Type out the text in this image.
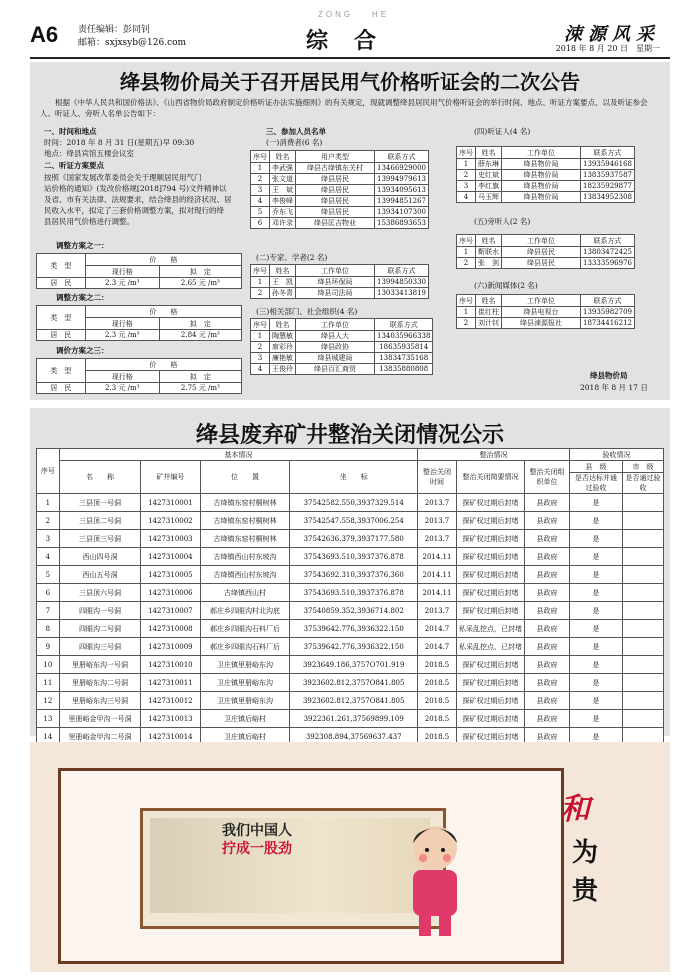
A6 责任编辑：彭同钊
邮箱：sxjxsyb@126.com
ZONG HE
综合	涑源风采
2018 年 8 月 20 日　星期一
绛县物价局关于召开居民用气价格听证会的二次公告
根据《中华人民共和国价格法》、《山西省物价局政府制定价格听证办法实施细则》的有关规定，现就调整绛县居民用气价格听证会的举行时间、地点、听证方案要点、以及听证参会人、听证人、旁听人名单公告如下：
一、时间和地点
时间：2018 年 8 月 31 日(星期五)早 09:30
地点：绛县宾馆五楼会议室
二、听证方案要点
按照《国家发展改革委员会关于理顺居民用气门
站价格的通知》(发改价格规[2018]794 号)文件精神以
及省、市有关法律、法规要求，结合绛县的经济状况、居
民收入水平，拟定了三套价格调整方案，拟对现行的绛
县居民用气价格进行调整。
调整方案之一：
类　型	价　　格	
	现行格	拟　定
居　民	2.3 元 /m³	2.65 元 /m³
调整方案之二：
类　型	价　　格	
	现行格	拟　定
居　民	2.3 元 /m³	2.84 元 /m³
调价方案之三：
类　型	价　　格	
	现行格	拟　定
居　民	2.3 元 /m³	2.75 元 /m³
三、参加人员名单
(一)消费者(6 名)
序号	姓名	用户类型	联系方式
1	李武强	绛县古绛镇东关村	13466929000
2	张文道	绛县居民	13994979613
3	王　斌	绛县居民	13934095613
4	李俊峰	绛县居民	13994851267
5	乔东飞	绛县居民	13934107300
6	邓许录	绛县匡吉物业	15386893653
(二)专家、学者(2 名)
序号	姓名	工作单位	联系方式
1	王　凯	绛县环保局	13994850330
2	孙冬青	绛县司法局	13033413819
(三)相关部门、社会组织(4 名)
序号	姓名	工作单位	联系方式
1	陶慧敏	绛县人大	134035966338
2	席彩玲	绛县政协	18635935814
3	廉艳敏	绛县城建局	13834735168
4	王俊玲	绛县百汇商贸	13835880808
(四)听证人(4 名)
序号	姓名	工作单位	联系方式
1	薛东琳	绛县物价局	13935946168
2	史红斌	绛县物价局	13835937587
3	李红旗	绛县物价局	18235929877
4	马玉辉	绛县物价局	13834952308
(五)旁听人(2 名)
序号	姓名	工作单位	联系方式
1	靳联水	绛县居民	13803472425
2	张　剑	绛县居民	13333596976
(六)新闻媒体(2 名)
序号	姓名	工作单位	联系方式
1	崔红柱	绛县电视台	13935982709
2	刘计钊	绛县涑源报社	18734416212
绛县物价局
2018 年 8 月 17 日
绛县废弃矿井整治关闭情况公示
序号	基本情况				整治情况			验收情况	
	名　　称	矿井编号	位　　置	坐　　标	整治关闭时间	整治关闭简要情况	整治关闭组织单位	县　级	市　级
								是否达标并通过验收	是否通过验收
1	三县顶一号洞	1427310001	古绛镇东窑村桐树林	37542582.550,3937329.514	2013.7	探矿权过期后封堵	县政府	是	
2	三县顶二号洞	1427310002	古绛镇东窑村桐树林	37542547.558,3937006.254	2013.7	探矿权过期后封堵	县政府	是	
3	三县顶三号洞	1427310003	古绛镇东窑村桐树林	37542636.379,3937177.580	2013.7	探矿权过期后封堵	县政府	是	
4	西山四号洞	1427310004	古绛镇西山村东坡沟	37543693.510,3937376.878	2014.11	探矿权过期后封堵	县政府	是	
5	西山五号洞	1427310005	古绛镇西山村东坡沟	37543692.310,3937376.360	2014.11	探矿权过期后封堵	县政府	是	
6	三县顶六号洞	1427310006	古绛镇西山村	37543693.510,3937376.878	2014.11	探矿权过期后封堵	县政府	是	
7	四眼沟一号洞	1427310007	郝庄乡四眼沟村北沟底	37540859.352,3936714.802	2013.7	探矿权过期后封堵	县政府	是	
8	四眼沟二号洞	1427310008	郝庄乡四眼沟石料厂后	37539642.776,3936322.150	2014.7	私采乱挖点，已封堵	县政府	是	
9	四眼沟三号洞	1427310009	郝庄乡四眼沟石料厂后	37539642.776,3936322.150	2014.7	私采乱挖点，已封堵	县政府	是	
10	里册峪东沟一号洞	1427310010	卫庄镇里册峪东沟	3923649.186,3757O701.919	2018.5	探矿权过期后封堵	县政府	是	
11	里册峪东沟二号洞	1427310011	卫庄镇里册峪东沟	3923602.812,3757O841.805	2018.5	探矿权过期后封堵	县政府	是	
12	里册峪东沟三号洞	1427310012	卫庄镇里册峪东沟	3923602.812,3757O841.805	2018.5	探矿权过期后封堵	县政府	是	
13	里册峪金甲沟一号洞	1427310013	卫庄镇后峪村	3922361.261,37569899.109	2018.5	探矿权过期后封堵	县政府	是	
14	里册峪金甲沟二号洞	1427310014	卫庄镇后峪村	392308.894,37569637.437	2018.5	探矿权过期后封堵	县政府	是	
我们中国人
拧成一股劲
和
为
贵
